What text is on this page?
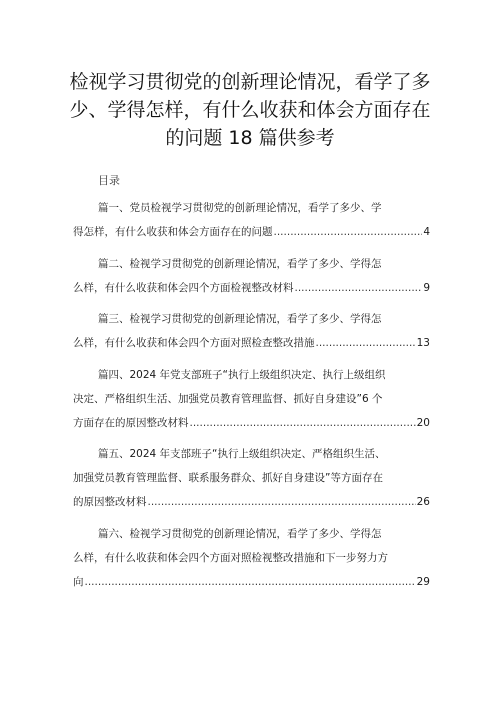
检视学习贯彻党的创新理论情况，看学了多
少、学得怎样，有什么收获和体会方面存在
的问题 18 篇供参考
目录
篇一、党员检视学习贯彻党的创新理论情况，看学了多少、学
得怎样，有什么收获和体会方面存在的问题 .....	4
篇二、检视学习贯彻党的创新理论情况，看学了多少、学得怎
么样，有什么收获和体会四个方面检视整改材料 .....	9
篇三、检视学习贯彻党的创新理论情况，看学了多少、学得怎
么样，有什么收获和体会四个方面对照检查整改措施 .....	13
篇四、2024 年党支部班子“执行上级组织决定、执行上级组织
决定、严格组织生活、加强党员教育管理监督、抓好自身建设”6 个
方面存在的原因整改材料 .....	20
篇五、2024 年支部班子“执行上级组织决定、严格组织生活、
加强党员教育管理监督、联系服务群众、抓好自身建设”等方面存在
的原因整改材料 .....	26
篇六、检视学习贯彻党的创新理论情况，看学了多少、学得怎
么样，有什么收获和体会四个方面对照检视整改措施和下一步努力方
向 .....	29
